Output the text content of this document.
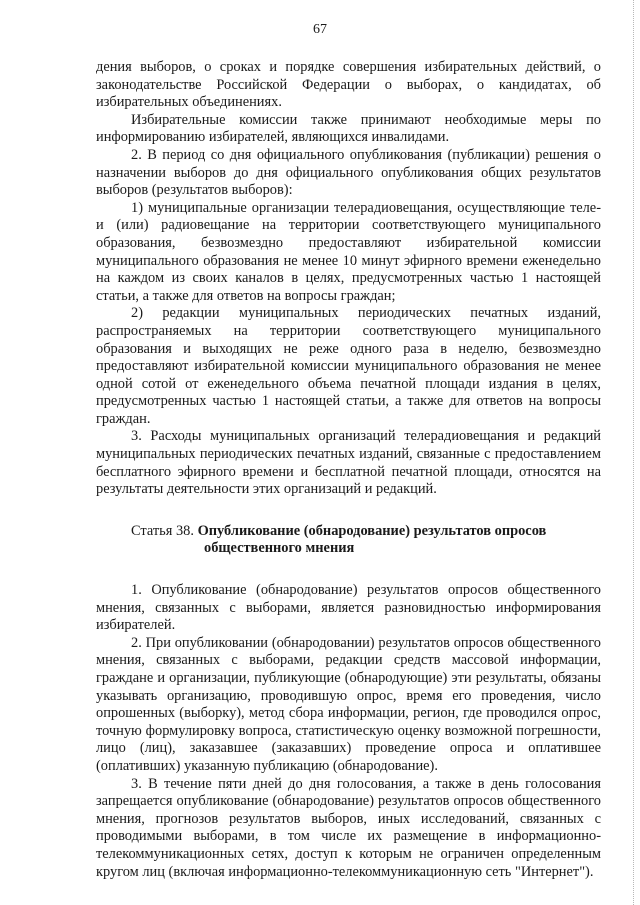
67

дения выборов, о сроках и порядке совершения избирательных действий, о законодательстве Российской Федерации о выборах, о кандидатах, об избирательных объединениях.

Избирательные комиссии также принимают необходимые меры по информированию избирателей, являющихся инвалидами.

2. В период со дня официального опубликования (публикации) решения о назначении выборов до дня официального опубликования общих результатов выборов (результатов выборов):

1) муниципальные организации телерадиовещания, осуществляющие теле- и (или) радиовещание на территории соответствующего муниципального образования, безвозмездно предоставляют избирательной комиссии муниципального образования не менее 10 минут эфирного времени еженедельно на каждом из своих каналов в целях, предусмотренных частью 1 настоящей статьи, а также для ответов на вопросы граждан;

2) редакции муниципальных периодических печатных изданий, распространяемых на территории соответствующего муниципального образования и выходящих не реже одного раза в неделю, безвозмездно предоставляют избирательной комиссии муниципального образования не менее одной сотой от еженедельного объема печатной площади издания в целях, предусмотренных частью 1 настоящей статьи, а также для ответов на вопросы граждан.

3. Расходы муниципальных организаций телерадиовещания и редакций муниципальных периодических печатных изданий, связанные с предоставлением бесплатного эфирного времени и бесплатной печатной площади, относятся на результаты деятельности этих организаций и редакций.

Статья 38. Опубликование (обнародование) результатов опросов
общественного мнения

1. Опубликование (обнародование) результатов опросов общественного мнения, связанных с выборами, является разновидностью информирования избирателей.

2. При опубликовании (обнародовании) результатов опросов общественного мнения, связанных с выборами, редакции средств массовой информации, граждане и организации, публикующие (обнародующие) эти результаты, обязаны указывать организацию, проводившую опрос, время его проведения, число опрошенных (выборку), метод сбора информации, регион, где проводился опрос, точную формулировку вопроса, статистическую оценку возможной погрешности, лицо (лиц), заказавшее (заказавших) проведение опроса и оплатившее (оплативших) указанную публикацию (обнародование).

3. В течение пяти дней до дня голосования, а также в день голосования запрещается опубликование (обнародование) результатов опросов общественного мнения, прогнозов результатов выборов, иных исследований, связанных с проводимыми выборами, в том числе их размещение в информационно-телекоммуникационных сетях, доступ к которым не ограничен определенным кругом лиц (включая информационно-телекоммуникационную сеть "Интернет").
